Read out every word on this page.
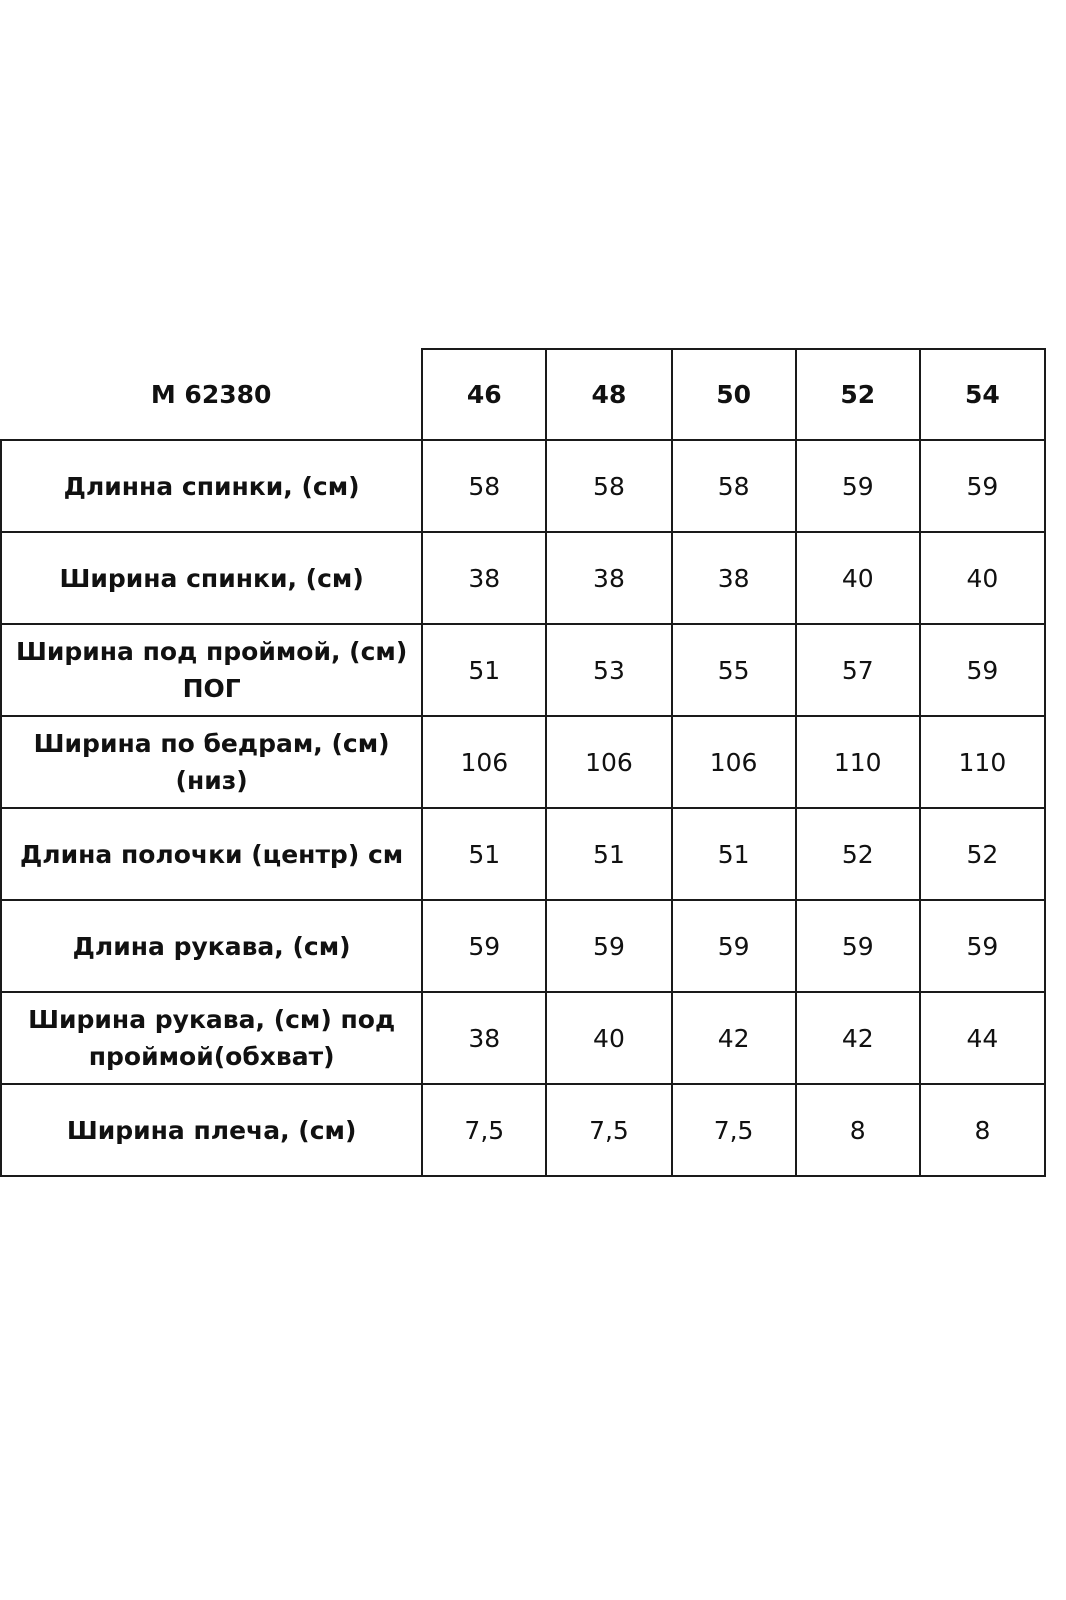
М 62380	46	48	50	52	54
Длинна спинки, (см)	58	58	58	59	59
Ширина спинки, (см)	38	38	38	40	40
Ширина под проймой, (см) ПОГ	51	53	55	57	59
Ширина по бедрам, (см) (низ)	106	106	106	110	110
Длина полочки (центр) см	51	51	51	52	52
Длина рукава, (см)	59	59	59	59	59
Ширина рукава, (см) под проймой(обхват)	38	40	42	42	44
Ширина плеча, (см)	7,5	7,5	7,5	8	8
